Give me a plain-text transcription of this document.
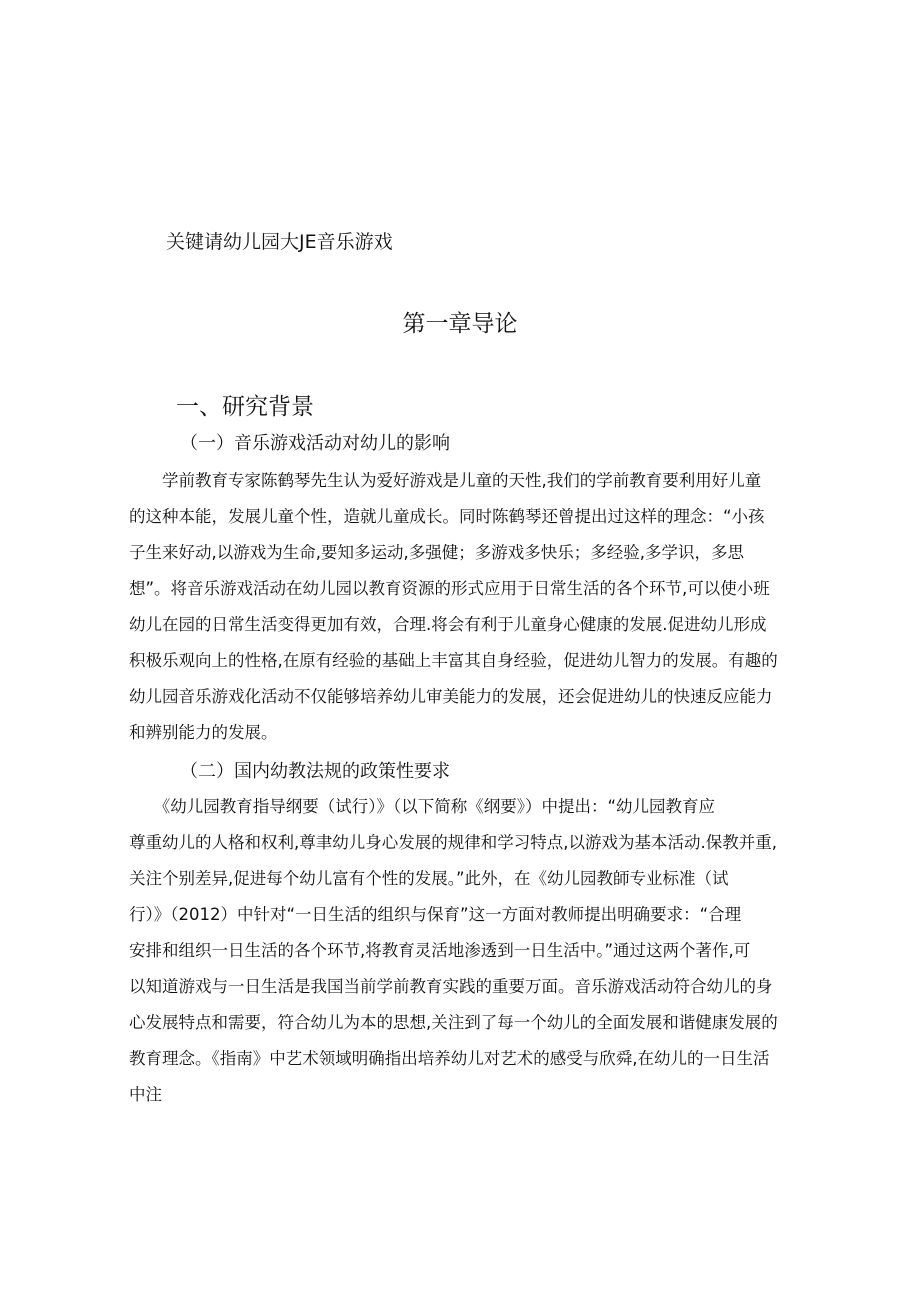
关键请幼儿园大JE音乐游戏
第一章导论
一、研究背景
（一）音乐游戏活动对幼儿的影响
　　学前教育专家陈鹤琴先生认为爱好游戏是儿童的天性,我们的学前教育要利用好儿童
的这种本能，发展儿童个性，造就儿童成长。同时陈鹤琴还曾提出过这样的理念：“小孩
子生来好动,以游戏为生命,要知多运动,多强健；多游戏多快乐；多经验,多学识，多思
想”。将音乐游戏活动在幼儿园以教育资源的形式应用于日常生活的各个环节,可以使小班
幼儿在园的日常生活变得更加有效，合理.将会有利于儿童身心健康的发展.促进幼儿形成
积极乐观向上的性格,在原有经验的基础上丰富其自身经验，促进幼儿智力的发展。有趣的
幼儿园音乐游戏化活动不仅能够培养幼儿审美能力的发展，还会促进幼儿的快速反应能力
和辨别能力的发展。
（二）国内幼教法规的政策性要求
　　《幼儿园教育指导纲要（试行）》（以下简称《纲要》）中提出：“幼儿园教育应
尊重幼儿的人格和权利,尊聿幼儿身心发展的规律和学习特点,以游戏为基本活动.保教并重,
关注个别差异,促进每个幼儿富有个性的发展。”此外，在《幼儿园教師专业标准（试
行）》（2012）中针对“一日生活的组织与保育”这一方面对教师提出明确要求：“合理
安排和组织一日生活的各个环节,将教育灵活地渗透到一日生活中。”通过这两个著作,可
以知道游戏与一日生活是我国当前学前教育实践的重要万面。音乐游戏活动符合幼儿的身
心发展特点和需要，符合幼儿为本的思想,关注到了每一个幼儿的全面发展和谐健康发展的
教育理念。《指南》中艺术领域明确指出培养幼儿对艺术的感受与欣舜,在幼儿的一日生活
中注
